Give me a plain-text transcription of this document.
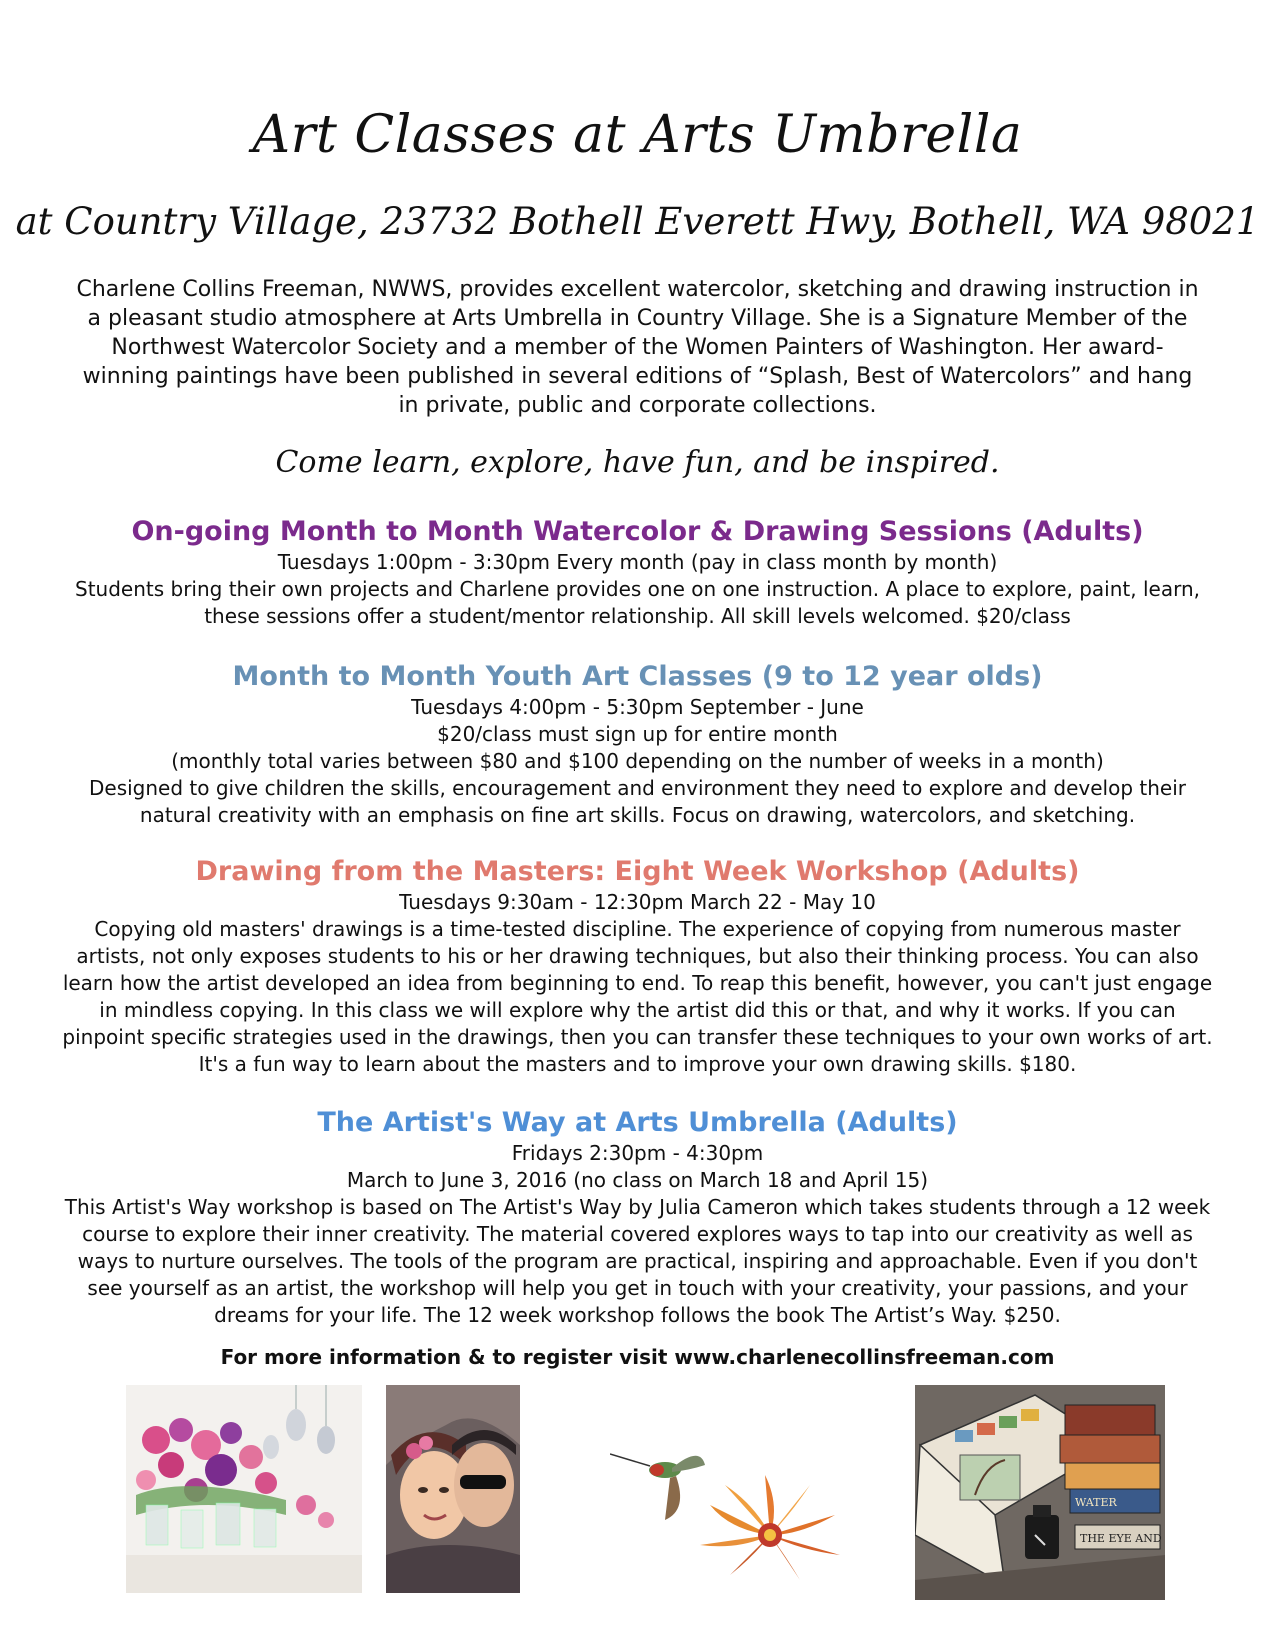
Art Classes at Arts Umbrella
at Country Village, 23732 Bothell Everett Hwy, Bothell, WA 98021

Charlene Collins Freeman, NWWS, provides excellent watercolor, sketching and drawing instruction in a pleasant studio atmosphere at Arts Umbrella in Country Village. She is a Signature Member of the Northwest Watercolor Society and a member of the Women Painters of Washington. Her award-winning paintings have been published in several editions of “Splash, Best of Watercolors” and hang in private, public and corporate collections.

Come learn, explore, have fun, and be inspired.

On-going Month to Month Watercolor & Drawing Sessions (Adults)

Tuesdays 1:00pm - 3:30pm Every month (pay in class month by month)

Students bring their own projects and Charlene provides one on one instruction. A place to explore, paint, learn, these sessions offer a student/mentor relationship. All skill levels welcomed. $20/class

Month to Month Youth Art Classes (9 to 12 year olds)

Tuesdays 4:00pm - 5:30pm September - June

$20/class must sign up for entire month

(monthly total varies between $80 and $100 depending on the number of weeks in a month)

Designed to give children the skills, encouragement and environment they need to explore and develop their natural creativity with an emphasis on fine art skills. Focus on drawing, watercolors, and sketching.

Drawing from the Masters: Eight Week Workshop (Adults)

Tuesdays 9:30am - 12:30pm March 22 - May 10

Copying old masters' drawings is a time-tested discipline. The experience of copying from numerous master artists, not only exposes students to his or her drawing techniques, but also their thinking process. You can also learn how the artist developed an idea from beginning to end. To reap this benefit, however, you can't just engage in mindless copying. In this class we will explore why the artist did this or that, and why it works. If you can pinpoint specific strategies used in the drawings, then you can transfer these techniques to your own works of art. It's a fun way to learn about the masters and to improve your own drawing skills. $180.

The Artist's Way at Arts Umbrella (Adults)

Fridays 2:30pm - 4:30pm

March to June 3, 2016 (no class on March 18 and April 15)

This Artist's Way workshop is based on The Artist's Way by Julia Cameron which takes students through a 12 week course to explore their inner creativity. The material covered explores ways to tap into our creativity as well as ways to nurture ourselves. The tools of the program are practical, inspiring and approachable. Even if you don't see yourself as an artist, the workshop will help you get in touch with your creativity, your passions, and your dreams for your life. The 12 week workshop follows the book The Artist’s Way. $250.

For more information & to register visit www.charlenecollinsfreeman.com

WATER
THE EYE AND
